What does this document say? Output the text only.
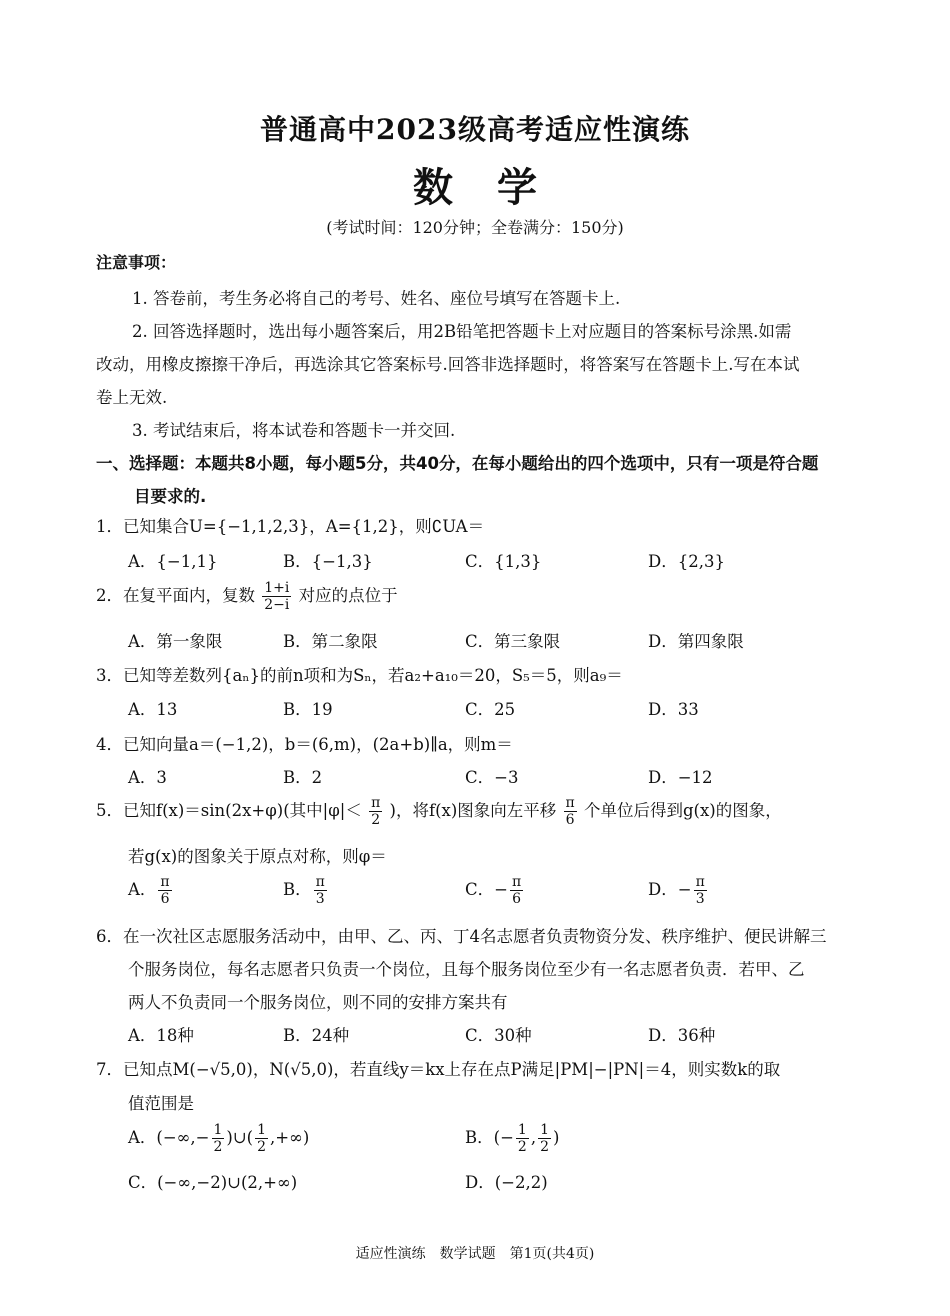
普通高中2023级高考适应性演练
数学
(考试时间：120分钟；全卷满分：150分)
注意事项：
1. 答卷前，考生务必将自己的考号、姓名、座位号填写在答题卡上.
2. 回答选择题时，选出每小题答案后，用2B铅笔把答题卡上对应题目的答案标号涂黑.如需
改动，用橡皮擦擦干净后，再选涂其它答案标号.回答非选择题时，将答案写在答题卡上.写在本试
卷上无效.
3. 考试结束后，将本试卷和答题卡一并交回.
一、选择题：本题共8小题，每小题5分，共40分，在每小题给出的四个选项中，只有一项是符合题
目要求的.
1．已知集合U={−1,1,2,3}，A={1,2}，则∁UA＝
A．{−1,1}	B．{−1,3}	C．{1,3}	D．{2,3}
2．在复平面内，复数 $\frac{1+i}{2-i}$ 对应的点位于
A．第一象限	B．第二象限	C．第三象限	D．第四象限
3．已知等差数列{aₙ}的前n项和为Sₙ，若a₂+a₁₀＝20，S₅＝5，则a₉＝
A．13	B．19	C．25	D．33
4．已知向量a＝(−1,2)，b＝(6,m)，(2a+b)∥a，则m＝
A．3	B．2	C．−3	D．−12
5．已知f(x)＝sin(2x+φ)(其中$|\varphi|< \frac{\pi}{2}$ )，将f(x)图象向左平移 $\frac{\pi}{6}$ 个单位后得到g(x)的图象，
若g(x)的图象关于原点对称，则φ＝
A． $\frac{\pi}{6}$	B． $\frac{\pi}{3}$	C．− $\frac{\pi}{6}$	D．− $\frac{\pi}{3}$
6．在一次社区志愿服务活动中，由甲、乙、丙、丁4名志愿者负责物资分发、秩序维护、便民讲解三
个服务岗位，每名志愿者只负责一个岗位，且每个服务岗位至少有一名志愿者负责．若甲、乙
两人不负责同一个服务岗位，则不同的安排方案共有
A．18种	B．24种	C．30种	D．36种
7．已知点M(−√5,0)，N(√5,0)，若直线y＝kx上存在点P满足|PM|−|PN|＝4，则实数k的取
值范围是
A．(−∞,− $\frac{1}{2}$ )∪( $\frac{1}{2}$ ,+∞)	B．(− $\frac{1}{2}$ , $\frac{1}{2}$ )
C．(−∞,−2)∪(2,+∞)	D．(−2,2)
适应性演练　数学试题　第1页(共4页)
